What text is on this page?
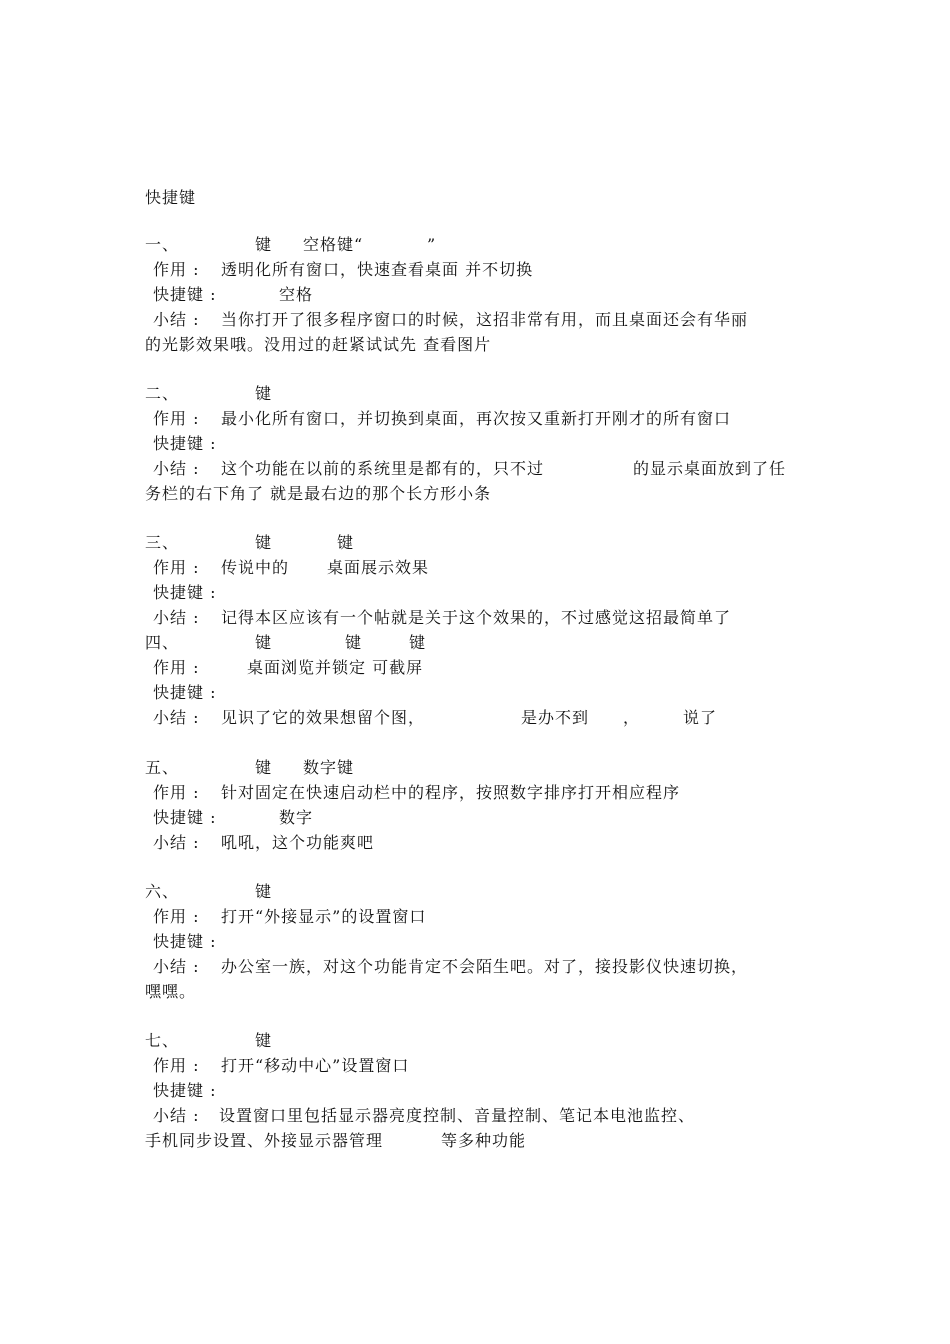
快捷键

一、

	键

空格键“

	”

作用 :

透明化所有窗口，快速查看桌面 并不切换

快捷键 :

	空格

小结 :

当你打开了很多程序窗口的时候，这招非常有用，而且桌面还会有华丽

的光影效果哦。没用过的赶紧试试先 查看图片

二、

	键

作用 :

最小化所有窗口，并切换到桌面，再次按又重新打开刚才的所有窗口

快捷键 :

小结 :

这个功能在以前的系统里是都有的，只不过

	的显示桌面放到了任

务栏的右下角了 就是最右边的那个长方形小条

三、

	键

	键

作用 :

传说中的

桌面展示效果

快捷键 :

小结 :

记得本区应该有一个帖就是关于这个效果的，不过感觉这招最简单了

四、

	键

	键

	键

作用 :

	桌面浏览并锁定 可截屏

快捷键 :

小结 :

见识了它的效果想留个图，

	是办不到

，

	说了

五、

	键

数字键

作用 :

针对固定在快速启动栏中的程序，按照数字排序打开相应程序

快捷键 :

	数字

小结 :

吼吼，这个功能爽吧

六、

	键

作用 :

打开“外接显示”的设置窗口

快捷键 :

小结 :

办公室一族，对这个功能肯定不会陌生吧。对了，接投影仪快速切换，

嘿嘿。

七、

	键

作用 :

打开“移动中心”设置窗口

快捷键 :

小结 :

设置窗口里包括显示器亮度控制、音量控制、笔记本电池监控、

手机同步设置、外接显示器管理

	等多种功能
